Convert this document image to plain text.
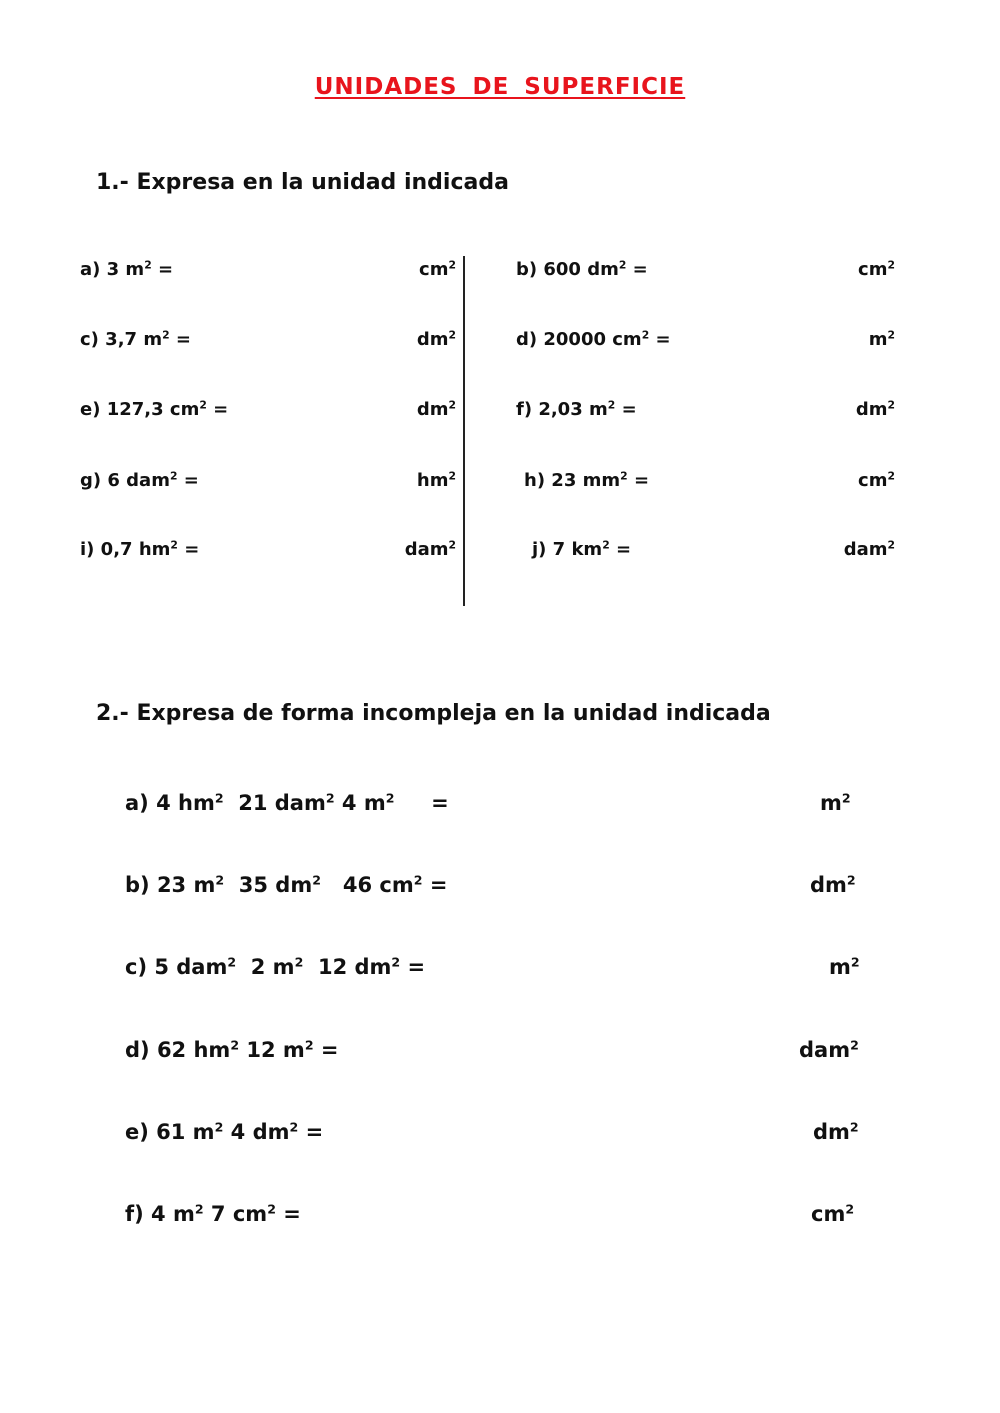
UNIDADES DE SUPERFICIE
1.- Expresa en la unidad indicada
a) 3 $m^2$ =	$cm^2$
c) 3,7 $m^2$ =	$dm^2$
e) 127,3 $cm^2$ =	$dm^2$
g) 6 dam$^2$ =	$hm^2$
i) 0,7 $hm^2$ =	dam$^2$
b) 600 $dm^2$ =	$cm^2$
d) 20000 $cm^2$ =	$m^2$
f) 2,03 $m^2$ =	$dm^2$
h) 23 $mm^2$ =	$cm^2$
j) 7 $km^2$ =	dam$^2$
2.- Expresa de forma incompleja en la unidad indicada
a) 4 $hm^2$  21 dam$^2$ 4 $m^2$     =	$m^2$
b) 23 $m^2$  35 $dm^2$   46 $cm^2$ =	$dm^2$
c) 5 dam$^2$  2 $m^2$  12 $dm^2$ =	$m^2$
d) 62 $hm^2$ 12 $m^2$ =	dam$^2$
e) 61 $m^2$ 4 $dm^2$ =	$dm^2$
f) 4 $m^2$ 7 $cm^2$ =	$cm^2$
